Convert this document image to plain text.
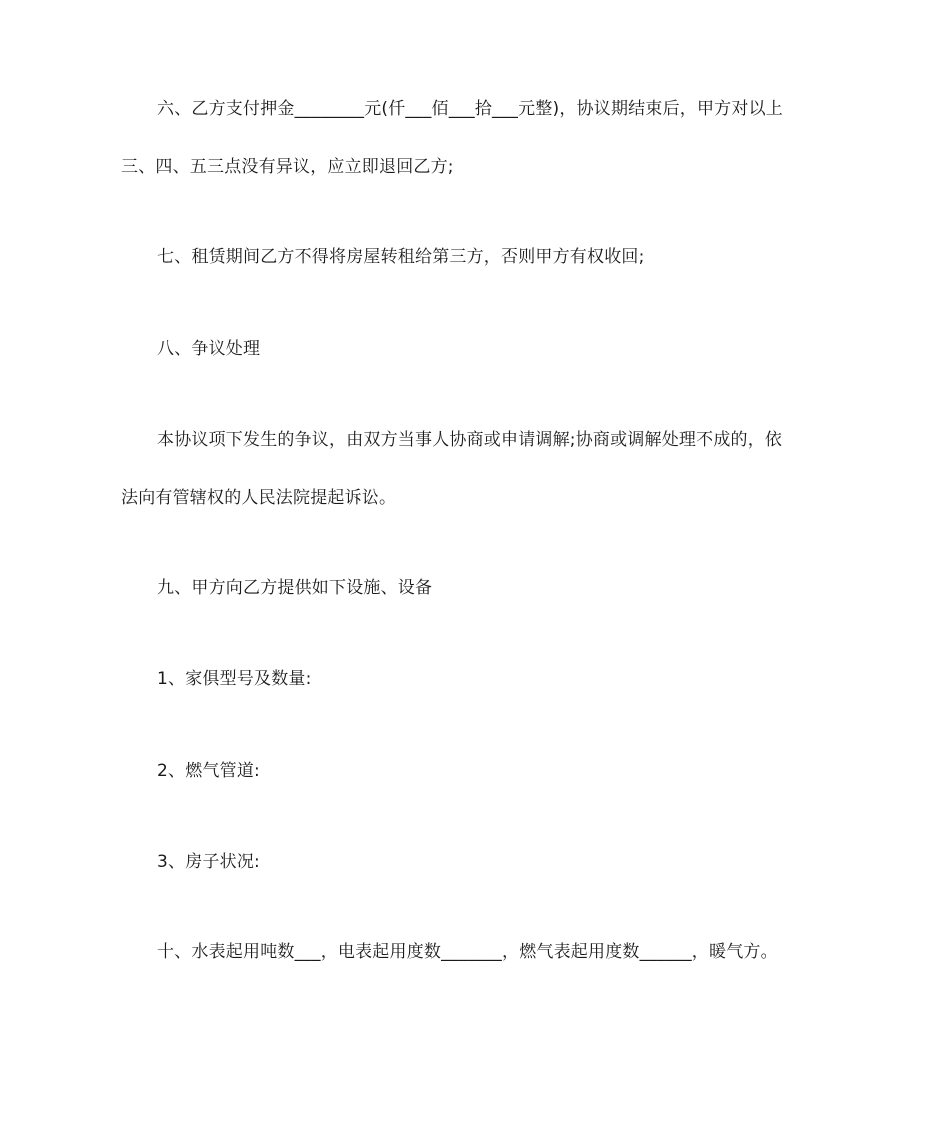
六、乙方支付押金________元(仟___佰___拾___元整)，协议期结束后，甲方对以上
三、四、五三点没有异议，应立即退回乙方;
七、租赁期间乙方不得将房屋转租给第三方，否则甲方有权收回;
八、争议处理
本协议项下发生的争议，由双方当事人协商或申请调解;协商或调解处理不成的，依
法向有管辖权的人民法院提起诉讼。
九、甲方向乙方提供如下设施、设备
1、家俱型号及数量:
2、燃气管道:
3、房子状况:
十、水表起用吨数___，电表起用度数_______，燃气表起用度数______，暖气方。
